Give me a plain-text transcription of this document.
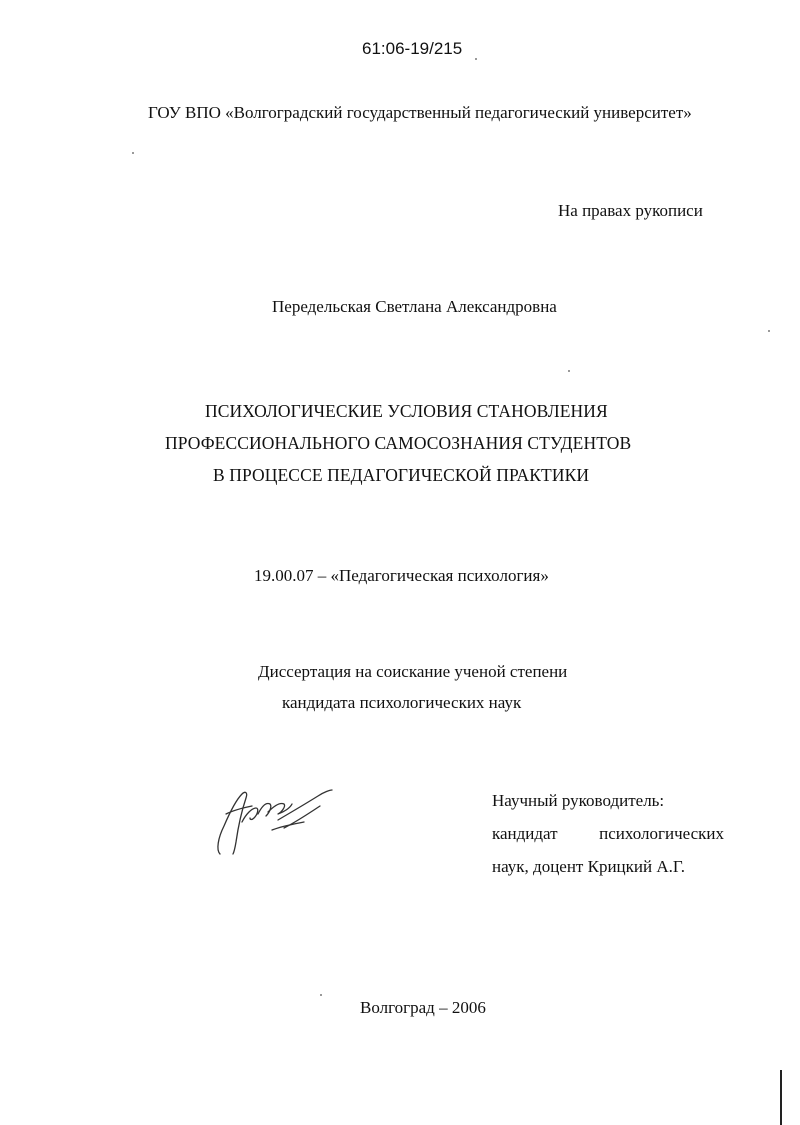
61:06-19/215
ГОУ ВПО «Волгоградский государственный педагогический университет»
На правах рукописи
Передельская Светлана Александровна
ПСИХОЛОГИЧЕСКИЕ УСЛОВИЯ СТАНОВЛЕНИЯ
ПРОФЕССИОНАЛЬНОГО САМОСОЗНАНИЯ СТУДЕНТОВ
В ПРОЦЕССЕ ПЕДАГОГИЧЕСКОЙ ПРАКТИКИ
19.00.07 – «Педагогическая психология»
Диссертация на соискание ученой степени
кандидата психологических наук
Научный руководитель:
кандидат психологических
наук, доцент Крицкий А.Г.
Волгоград – 2006
